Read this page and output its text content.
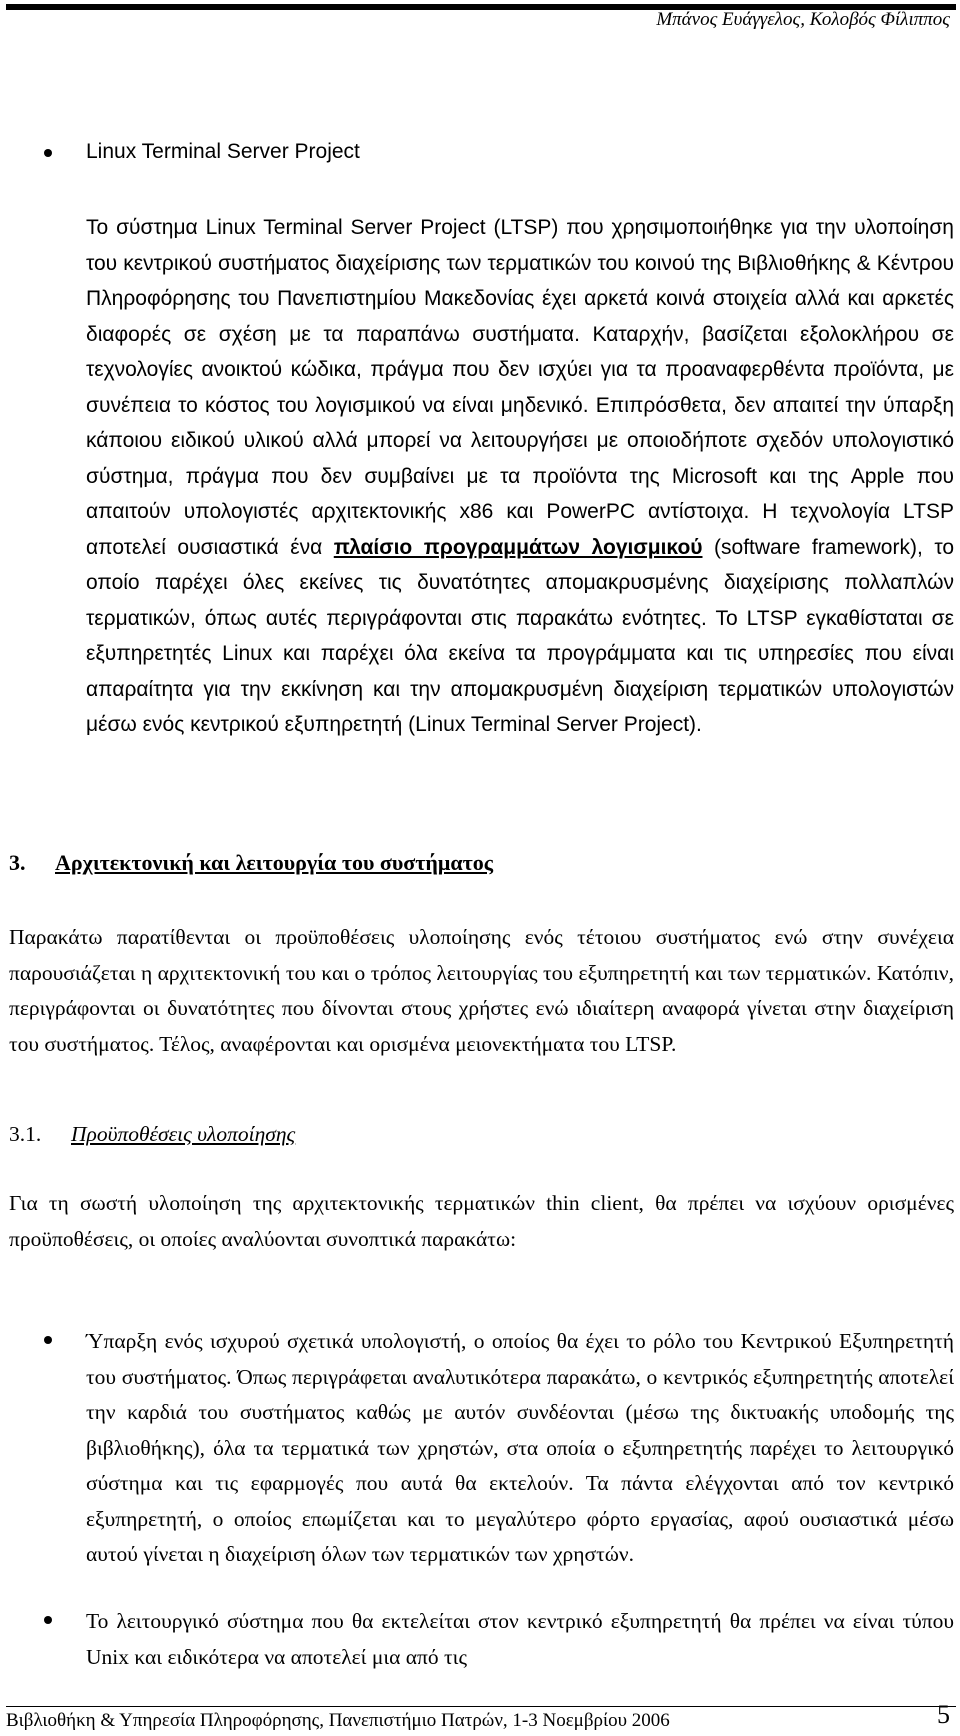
Μπάνος Ευάγγελος, Κολοβός Φίλιππος
Linux Terminal Server Project

Το σύστημα Linux Terminal Server Project (LTSP) που χρησιμοποιήθηκε για την υλοποίηση του κεντρικού συστήματος διαχείρισης των τερματικών του κοινού της Βιβλιοθήκης & Κέντρου Πληροφόρησης του Πανεπιστημίου Μακεδονίας έχει αρκετά κοινά στοιχεία αλλά και αρκετές διαφορές σε σχέση με τα παραπάνω συστήματα. Καταρχήν, βασίζεται εξολοκλήρου σε τεχνολογίες ανοικτού κώδικα, πράγμα που δεν ισχύει για τα προαναφερθέντα προϊόντα, με συνέπεια το κόστος του λογισμικού να είναι μηδενικό. Επιπρόσθετα, δεν απαιτεί την ύπαρξη κάποιου ειδικού υλικού αλλά μπορεί να λειτουργήσει με οποιοδήποτε σχεδόν υπολογιστικό σύστημα, πράγμα που δεν συμβαίνει με τα προϊόντα της Microsoft και της Apple που απαιτούν υπολογιστές αρχιτεκτονικής x86 και PowerPC αντίστοιχα. Η τεχνολογία LTSP αποτελεί ουσιαστικά ένα πλαίσιο προγραμμάτων λογισμικού (software framework), το οποίο παρέχει όλες εκείνες τις δυνατότητες απομακρυσμένης διαχείρισης πολλαπλών τερματικών, όπως αυτές περιγράφονται στις παρακάτω ενότητες. Το LTSP εγκαθίσταται σε εξυπηρετητές Linux και παρέχει όλα εκείνα τα προγράμματα και τις υπηρεσίες που είναι απαραίτητα για την εκκίνηση και την απομακρυσμένη διαχείριση τερματικών υπολογιστών μέσω ενός κεντρικού εξυπηρετητή (Linux Terminal Server Project).

3. Αρχιτεκτονική και λειτουργία του συστήματος

Παρακάτω παρατίθενται οι προϋποθέσεις υλοποίησης ενός τέτοιου συστήματος ενώ στην συνέχεια παρουσιάζεται η αρχιτεκτονική του και ο τρόπος λειτουργίας του εξυπηρετητή και των τερματικών. Κατόπιν, περιγράφονται οι δυνατότητες που δίνονται στους χρήστες ενώ ιδιαίτερη αναφορά γίνεται στην διαχείριση του συστήματος. Τέλος, αναφέρονται και ορισμένα μειονεκτήματα του LTSP.

3.1. Προϋποθέσεις υλοποίησης

Για τη σωστή υλοποίηση της αρχιτεκτονικής τερματικών thin client, θα πρέπει να ισχύουν ορισμένες προϋποθέσεις, οι οποίες αναλύονται συνοπτικά παρακάτω:

Ύπαρξη ενός ισχυρού σχετικά υπολογιστή, ο οποίος θα έχει το ρόλο του Κεντρικού Εξυπηρετητή του συστήματος. Όπως περιγράφεται αναλυτικότερα παρακάτω, ο κεντρικός εξυπηρετητής αποτελεί την καρδιά του συστήματος καθώς με αυτόν συνδέονται (μέσω της δικτυακής υποδομής της βιβλιοθήκης), όλα τα τερματικά των χρηστών, στα οποία ο εξυπηρετητής παρέχει το λειτουργικό σύστημα και τις εφαρμογές που αυτά θα εκτελούν. Τα πάντα ελέγχονται από τον κεντρικό εξυπηρετητή, ο οποίος επωμίζεται και το μεγαλύτερο φόρτο εργασίας, αφού ουσιαστικά μέσω αυτού γίνεται η διαχείριση όλων των τερματικών των χρηστών.

Το λειτουργικό σύστημα που θα εκτελείται στον κεντρικό εξυπηρετητή θα πρέπει να είναι τύπου Unix και ειδικότερα να αποτελεί μια από τις

Βιβλιοθήκη & Υπηρεσία Πληροφόρησης, Πανεπιστήμιο Πατρών, 1-3 Νοεμβρίου 2006	5
